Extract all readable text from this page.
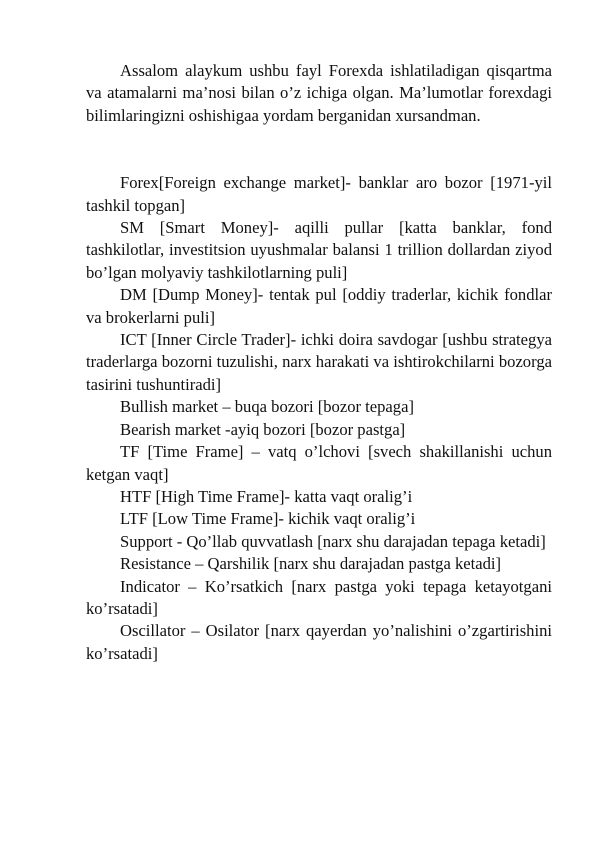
Assalom alaykum ushbu fayl Forexda ishlatiladigan qisqartma va atamalarni ma’nosi bilan o’z ichiga olgan. Ma’lumotlar forexdagi bilimlaringizni oshishigaa yordam berganidan xursandman.

Forex[Foreign exchange market]- banklar aro bozor [1971-yil tashkil topgan]

SM [Smart Money]- aqilli pullar [katta banklar, fond tashkilotlar, investitsion uyushmalar balansi 1 trillion dollardan ziyod bo’lgan molyaviy tashkilotlarning puli]

DM [Dump Money]- tentak pul [oddiy traderlar, kichik fondlar va brokerlarni puli]

ICT [Inner Circle Trader]- ichki doira savdogar [ushbu strategya traderlarga bozorni tuzulishi, narx harakati va ishtirokchilarni bozorga tasirini tushuntiradi]

Bullish market – buqa bozori [bozor tepaga]

Bearish market -ayiq bozori [bozor pastga]

TF [Time Frame] – vatq o’lchovi [svech shakillanishi uchun ketgan vaqt]

HTF [High Time Frame]- katta vaqt oralig’i

LTF [Low Time Frame]- kichik vaqt oralig’i

Support - Qo’llab quvvatlash [narx shu darajadan tepaga ketadi]

Resistance – Qarshilik [narx shu darajadan pastga ketadi]

Indicator – Ko’rsatkich [narx pastga yoki tepaga ketayotgani ko’rsatadi]

Oscillator – Osilator [narx qayerdan yo’nalishini o’zgartirishini ko’rsatadi]
